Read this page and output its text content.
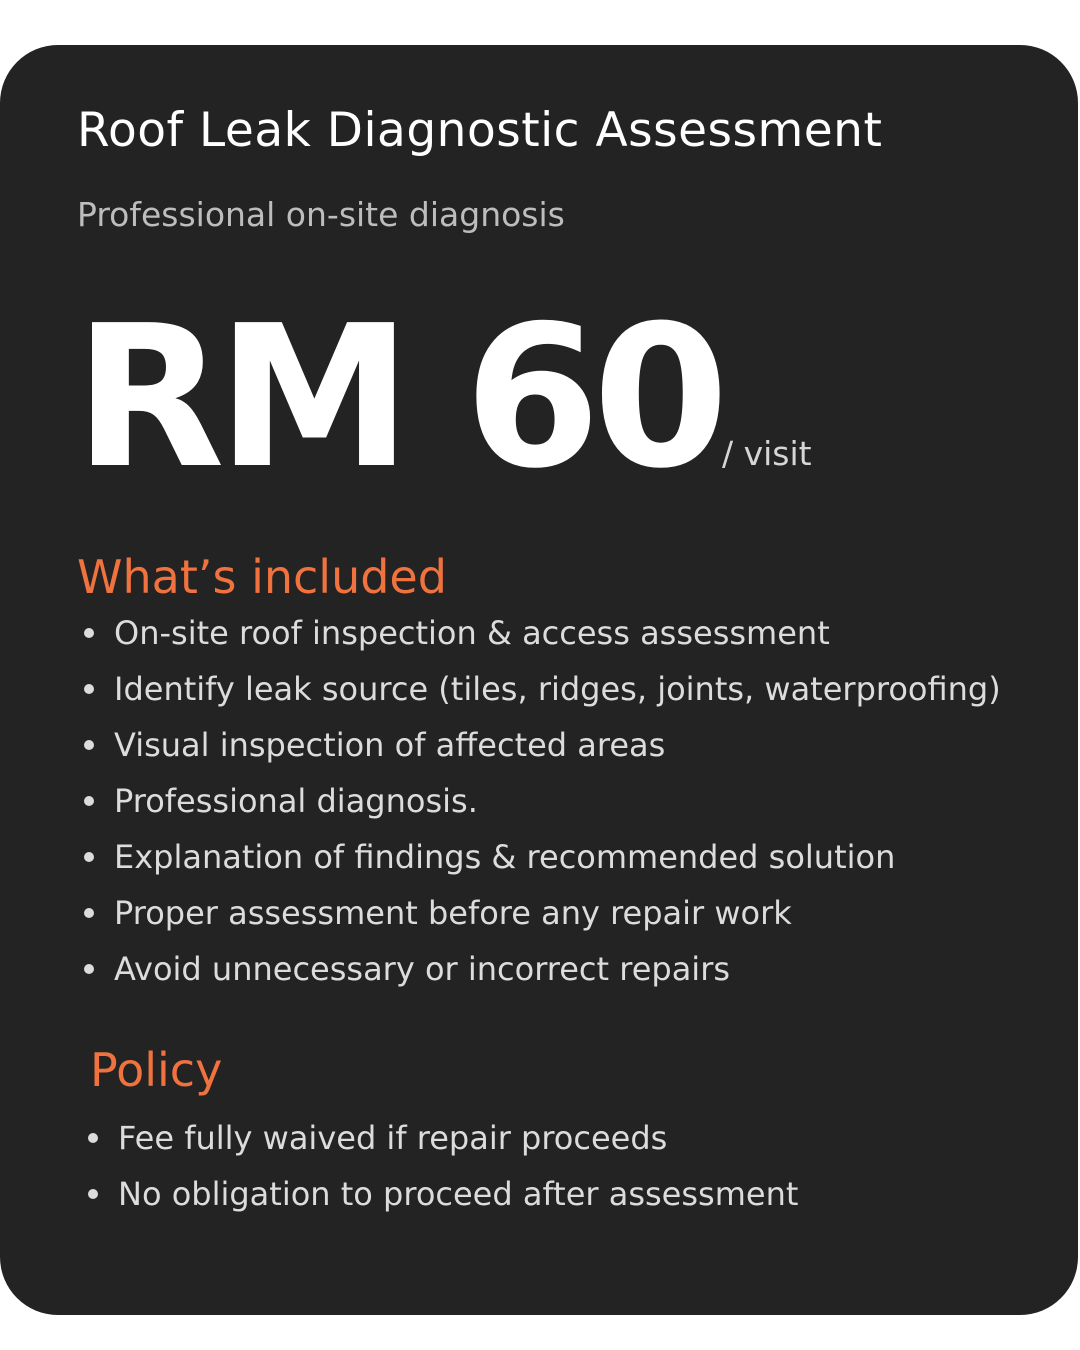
Roof Leak Diagnostic Assessment
Professional on-site diagnosis
RM 60 / visit
What’s included
On-site roof inspection & access assessment
Identify leak source (tiles, ridges, joints, waterproofing)
Visual inspection of affected areas
Professional diagnosis.
Explanation of findings & recommended solution
Proper assessment before any repair work
Avoid unnecessary or incorrect repairs
Policy
Fee fully waived if repair proceeds
No obligation to proceed after assessment
